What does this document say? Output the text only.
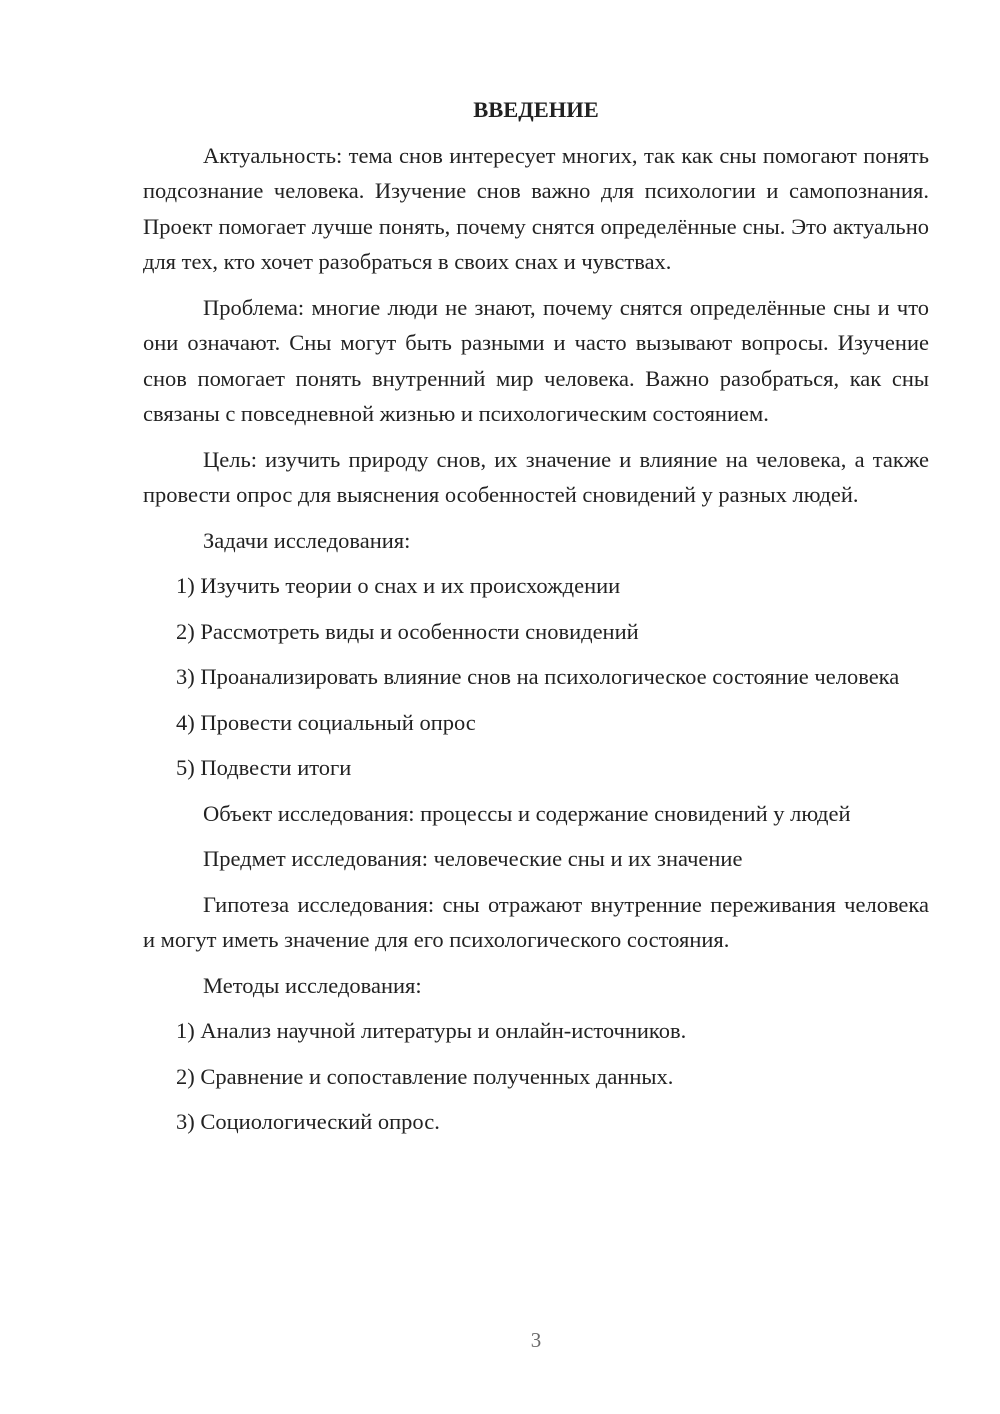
ВВЕДЕНИЕ
Актуальность: тема снов интересует многих, так как сны помогают понять подсознание человека. Изучение снов важно для психологии и самопознания. Проект помогает лучше понять, почему снятся определённые сны. Это актуально для тех, кто хочет разобраться в своих снах и чувствах.
Проблема: многие люди не знают, почему снятся определённые сны и что они означают. Сны могут быть разными и часто вызывают вопросы. Изучение снов помогает понять внутренний мир человека. Важно разобраться, как сны связаны с повседневной жизнью и психологическим состоянием.
Цель: изучить природу снов, их значение и влияние на человека, а также провести опрос для выяснения особенностей сновидений у разных людей.
Задачи исследования:
1) Изучить теории о снах и их происхождении
2) Рассмотреть виды и особенности сновидений
3) Проанализировать влияние снов на психологическое состояние человека
4) Провести социальный опрос
5) Подвести итоги
Объект исследования: процессы и содержание сновидений у людей
Предмет исследования: человеческие сны и их значение
Гипотеза исследования: сны отражают внутренние переживания человека и могут иметь значение для его психологического состояния.
Методы исследования:
1) Анализ научной литературы и онлайн-источников.
2) Сравнение и сопоставление полученных данных.
3) Социологический опрос.
3
